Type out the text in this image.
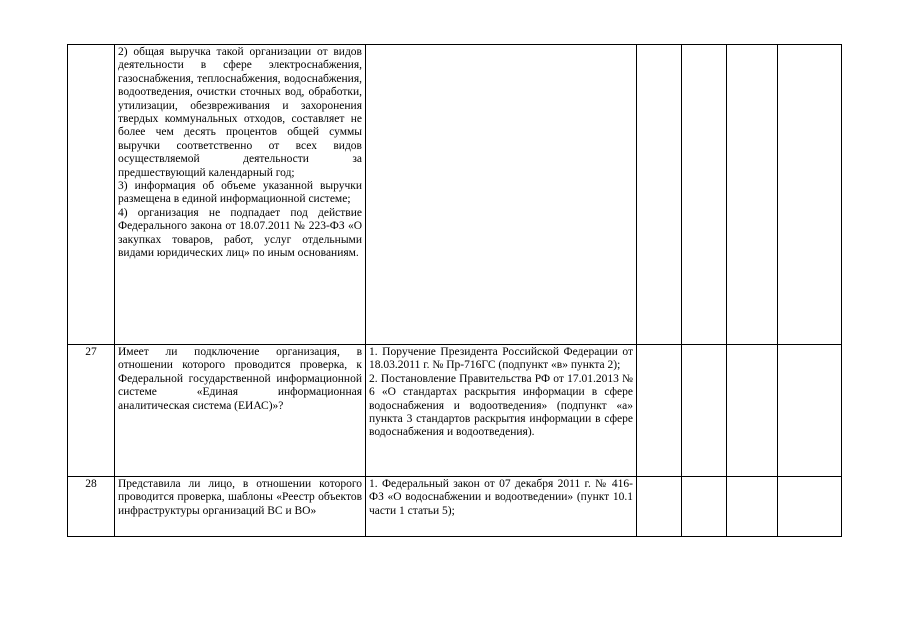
	2) общая выручка такой организации от видов деятельности в сфере электроснабжения, газоснабжения, теплоснабжения, водоснабжения, водоотведения, очистки сточных вод, обработки, утилизации, обезвреживания и захоронения твердых коммунальных отходов, составляет не более чем десять процентов общей суммы выручки соответственно от всех видов осуществляемой деятельности за предшествующий календарный год;

3) информация об объеме указанной выручки размещена в единой информационной системе;

4) организация не подпадает под действие Федерального закона от 18.07.2011 № 223-ФЗ «О закупках товаров, работ, услуг отдельными видами юридических лиц» по иным основаниям.					

27	Имеет ли подключение организация, в отношении которого проводится проверка, к Федеральной государственной информационной системе «Единая информационная аналитическая система (ЕИАС)»?	1. Поручение Президента Российской Федерации от 18.03.2011 г. № Пр-716ГС (подпункт «в» пункта 2);

2. Постановление Правительства РФ от 17.01.2013 № 6 «О стандартах раскрытия информации в сфере водоснабжения и водоотведения» (подпункт «а» пункта 3 стандартов раскрытия информации в сфере водоснабжения и водоотведения).				

28	Представила ли лицо, в отношении которого проводится проверка, шаблоны «Реестр объектов инфраструктуры организаций ВС и ВО»	1. Федеральный закон от 07 декабря 2011 г. № 416-ФЗ «О водоснабжении и водоотведении» (пункт 10.1 части 1 статьи 5);				
